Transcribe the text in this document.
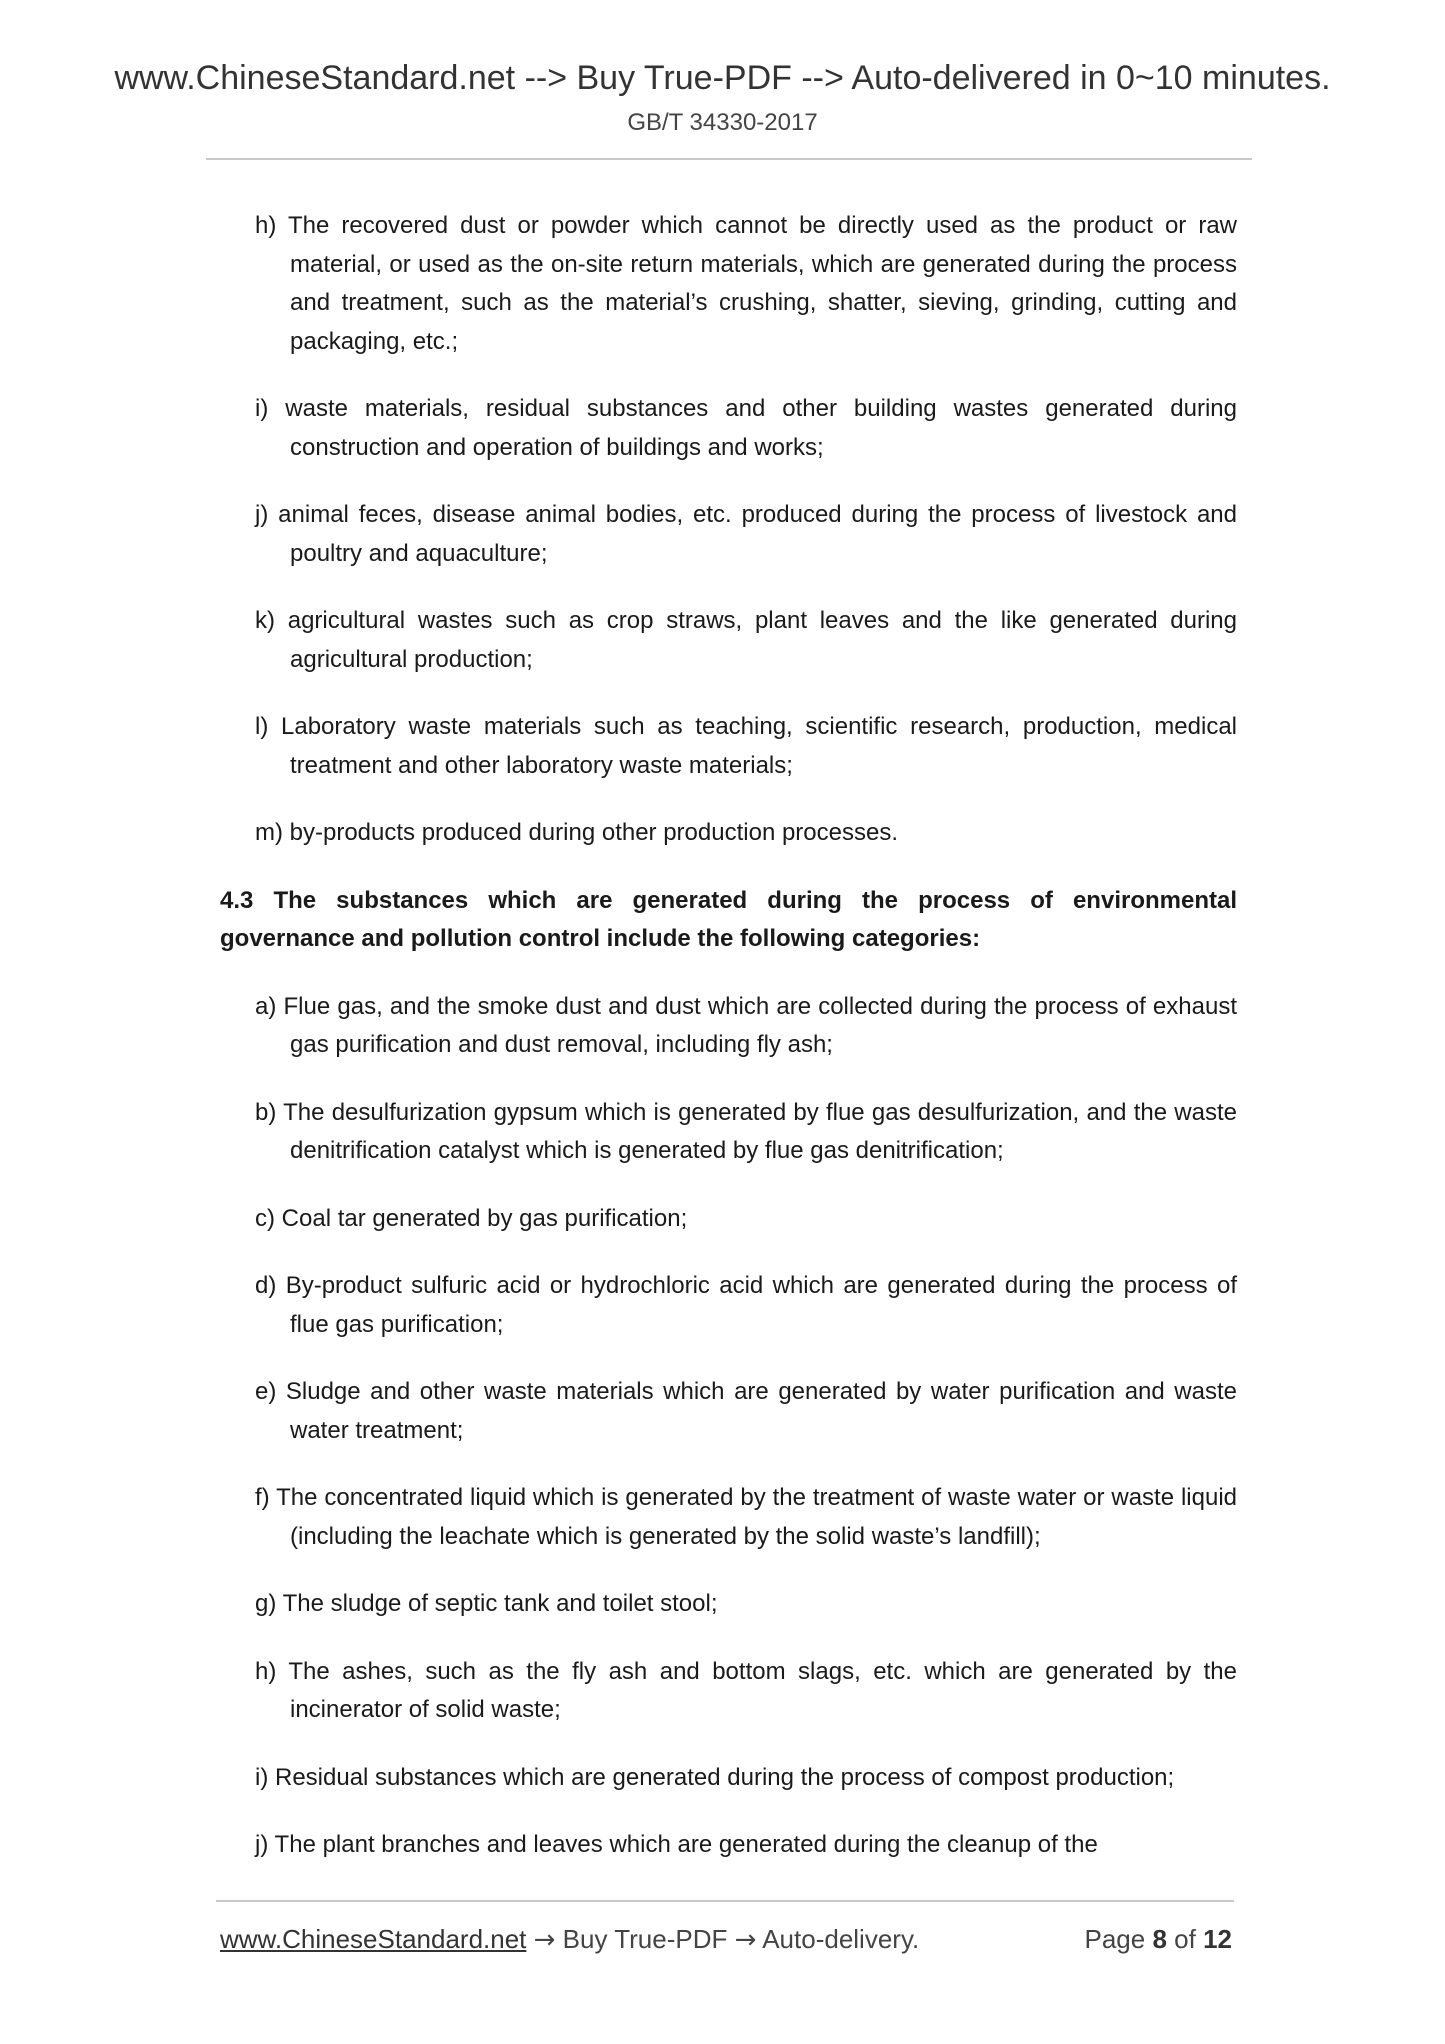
www.ChineseStandard.net --> Buy True-PDF --> Auto-delivered in 0~10 minutes.
GB/T 34330-2017

h) The recovered dust or powder which cannot be directly used as the product or raw material, or used as the on-site return materials, which are generated during the process and treatment, such as the material’s crushing, shatter, sieving, grinding, cutting and packaging, etc.;

i) waste materials, residual substances and other building wastes generated during construction and operation of buildings and works;

j) animal feces, disease animal bodies, etc. produced during the process of livestock and poultry and aquaculture;

k) agricultural wastes such as crop straws, plant leaves and the like generated during agricultural production;

l) Laboratory waste materials such as teaching, scientific research, production, medical treatment and other laboratory waste materials;

m) by-products produced during other production processes.

4.3 The substances which are generated during the process of environmental governance and pollution control include the following categories:

a) Flue gas, and the smoke dust and dust which are collected during the process of exhaust gas purification and dust removal, including fly ash;

b) The desulfurization gypsum which is generated by flue gas desulfurization, and the waste denitrification catalyst which is generated by flue gas denitrification;

c) Coal tar generated by gas purification;

d) By-product sulfuric acid or hydrochloric acid which are generated during the process of flue gas purification;

e) Sludge and other waste materials which are generated by water purification and waste water treatment;

f) The concentrated liquid which is generated by the treatment of waste water or waste liquid (including the leachate which is generated by the solid waste’s landfill);

g) The sludge of septic tank and toilet stool;

h) The ashes, such as the fly ash and bottom slags, etc. which are generated by the incinerator of solid waste;

i) Residual substances which are generated during the process of compost production;

j) The plant branches and leaves which are generated during the cleanup of the

www.ChineseStandard.net → Buy True-PDF → Auto-delivery.	Page 8 of 12
